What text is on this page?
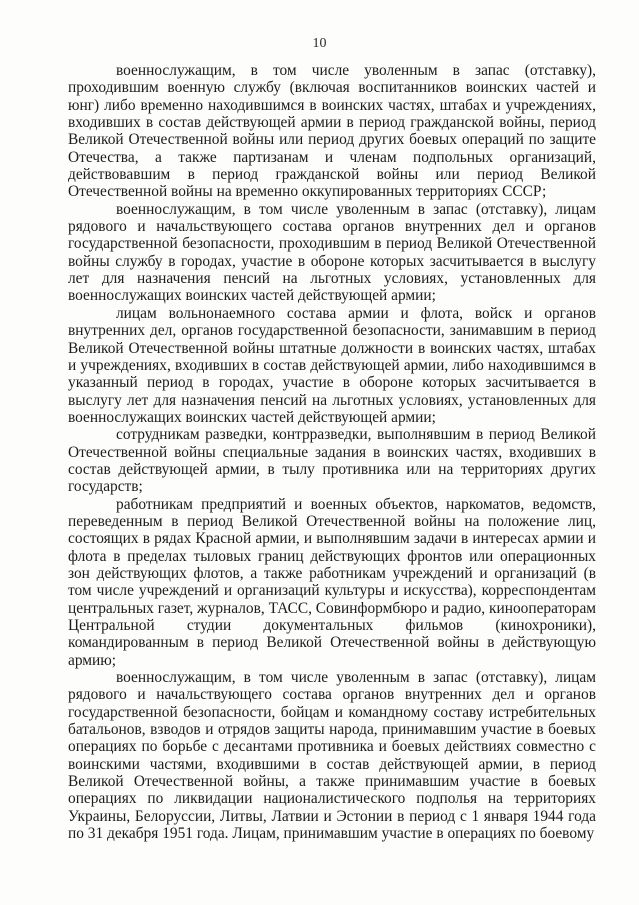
10

военнослужащим, в том числе уволенным в запас (отставку), проходившим военную службу (включая воспитанников воинских частей и юнг) либо временно находившимся в воинских частях, штабах и учреждениях, входивших в состав действующей армии в период гражданской войны, период Великой Отечественной войны или период других боевых операций по защите Отечества, а также партизанам и членам подпольных организаций, действовавшим в период гражданской войны или период Великой Отечественной войны на временно оккупированных территориях СССР;

военнослужащим, в том числе уволенным в запас (отставку), лицам рядового и начальствующего состава органов внутренних дел и органов государственной безопасности, проходившим в период Великой Отечественной войны службу в городах, участие в обороне которых засчитывается в выслугу лет для назначения пенсий на льготных условиях, установленных для военнослужащих воинских частей действующей армии;

лицам вольнонаемного состава армии и флота, войск и органов внутренних дел, органов государственной безопасности, занимавшим в период Великой Отечественной войны штатные должности в воинских частях, штабах и учреждениях, входивших в состав действующей армии, либо находившимся в указанный период в городах, участие в обороне которых засчитывается в выслугу лет для назначения пенсий на льготных условиях, установленных для военнослужащих воинских частей действующей армии;

сотрудникам разведки, контрразведки, выполнявшим в период Великой Отечественной войны специальные задания в воинских частях, входивших в состав действующей армии, в тылу противника или на территориях других государств;

работникам предприятий и военных объектов, наркоматов, ведомств, переведенным в период Великой Отечественной войны на положение лиц, состоящих в рядах Красной армии, и выполнявшим задачи в интересах армии и флота в пределах тыловых границ действующих фронтов или операционных зон действующих флотов, а также работникам учреждений и организаций (в том числе учреждений и организаций культуры и искусства), корреспондентам центральных газет, журналов, ТАСС, Совинформбюро и радио, кинооператорам Центральной студии документальных фильмов (кинохроники), командированным в период Великой Отечественной войны в действующую армию;

военнослужащим, в том числе уволенным в запас (отставку), лицам рядового и начальствующего состава органов внутренних дел и органов государственной безопасности, бойцам и командному составу истребительных батальонов, взводов и отрядов защиты народа, принимавшим участие в боевых операциях по борьбе с десантами противника и боевых действиях совместно с воинскими частями, входившими в состав действующей армии, в период Великой Отечественной войны, а также принимавшим участие в боевых операциях по ликвидации националистического подполья на территориях Украины, Белоруссии, Литвы, Латвии и Эстонии в период с 1 января 1944 года по 31 декабря 1951 года. Лицам, принимавшим участие в операциях по боевому
